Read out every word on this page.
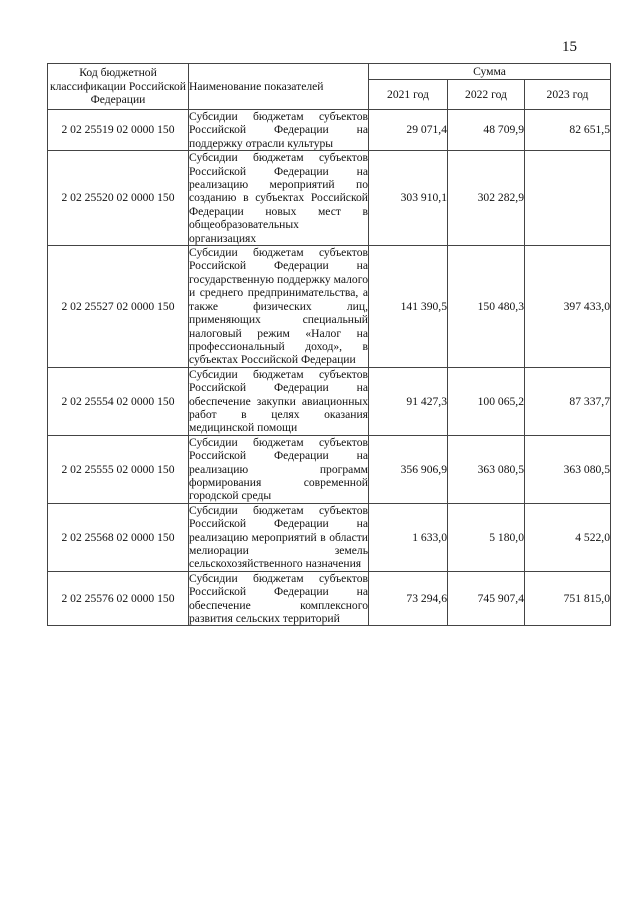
15
Код бюджетной классификации Российской Федерации	Наименование показателей	Сумма		
		2021 год	2022 год	2023 год
2 02 25519 02 0000 150	Субсидии бюджетам субъектов Российской Федерации на поддержку отрасли культуры	29 071,4	48 709,9	82 651,5
2 02 25520 02 0000 150	Субсидии бюджетам субъектов Российской Федерации на реализацию мероприятий по созданию в субъектах Российской Федерации новых мест в общеобразовательных организациях	303 910,1	302 282,9	
2 02 25527 02 0000 150	Субсидии бюджетам субъектов Российской Федерации на государственную поддержку малого и среднего предпринимательства, а также физических лиц, применяющих специальный налоговый режим «Налог на профессиональный доход», в субъектах Российской Федерации	141 390,5	150 480,3	397 433,0
2 02 25554 02 0000 150	Субсидии бюджетам субъектов Российской Федерации на обеспечение закупки авиационных работ в целях оказания медицинской помощи	91 427,3	100 065,2	87 337,7
2 02 25555 02 0000 150	Субсидии бюджетам субъектов Российской Федерации на реализацию программ формирования современной городской среды	356 906,9	363 080,5	363 080,5
2 02 25568 02 0000 150	Субсидии бюджетам субъектов Российской Федерации на реализацию мероприятий в области мелиорации земель сельскохозяйственного назначения	1 633,0	5 180,0	4 522,0
2 02 25576 02 0000 150	Субсидии бюджетам субъектов Российской Федерации на обеспечение комплексного развития сельских территорий	73 294,6	745 907,4	751 815,0
